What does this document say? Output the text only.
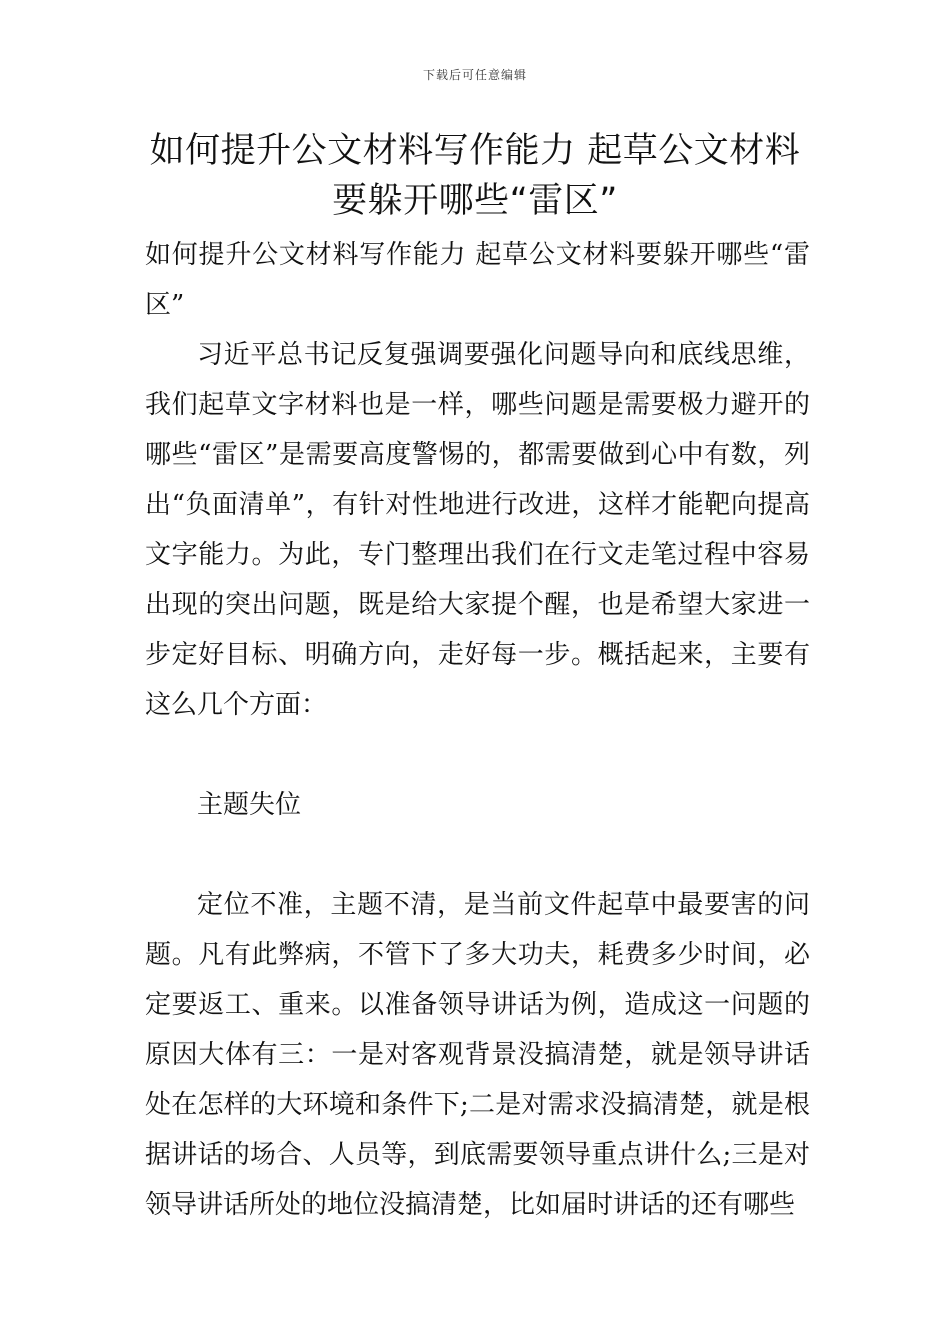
下载后可任意编辑
如何提升公文材料写作能力 起草公文材料要躲开哪些“雷区”

如何提升公文材料写作能力 起草公文材料要躲开哪些“雷区”

习近平总书记反复强调要强化问题导向和底线思维，我们起草文字材料也是一样，哪些问题是需要极力避开的哪些“雷区”是需要高度警惕的，都需要做到心中有数，列出“负面清单”，有针对性地进行改进，这样才能靶向提高文字能力。为此，专门整理出我们在行文走笔过程中容易出现的突出问题，既是给大家提个醒，也是希望大家进一步定好目标、明确方向，走好每一步。概括起来，主要有这么几个方面：

主题失位

定位不准，主题不清，是当前文件起草中最要害的问题。凡有此弊病，不管下了多大功夫，耗费多少时间，必定要返工、重来。以准备领导讲话为例，造成这一问题的原因大体有三：一是对客观背景没搞清楚，就是领导讲话处在怎样的大环境和条件下;二是对需求没搞清楚，就是根据讲话的场合、人员等，到底需要领导重点讲什么;三是对领导讲话所处的地位没搞清楚，比如届时讲话的还有哪些
